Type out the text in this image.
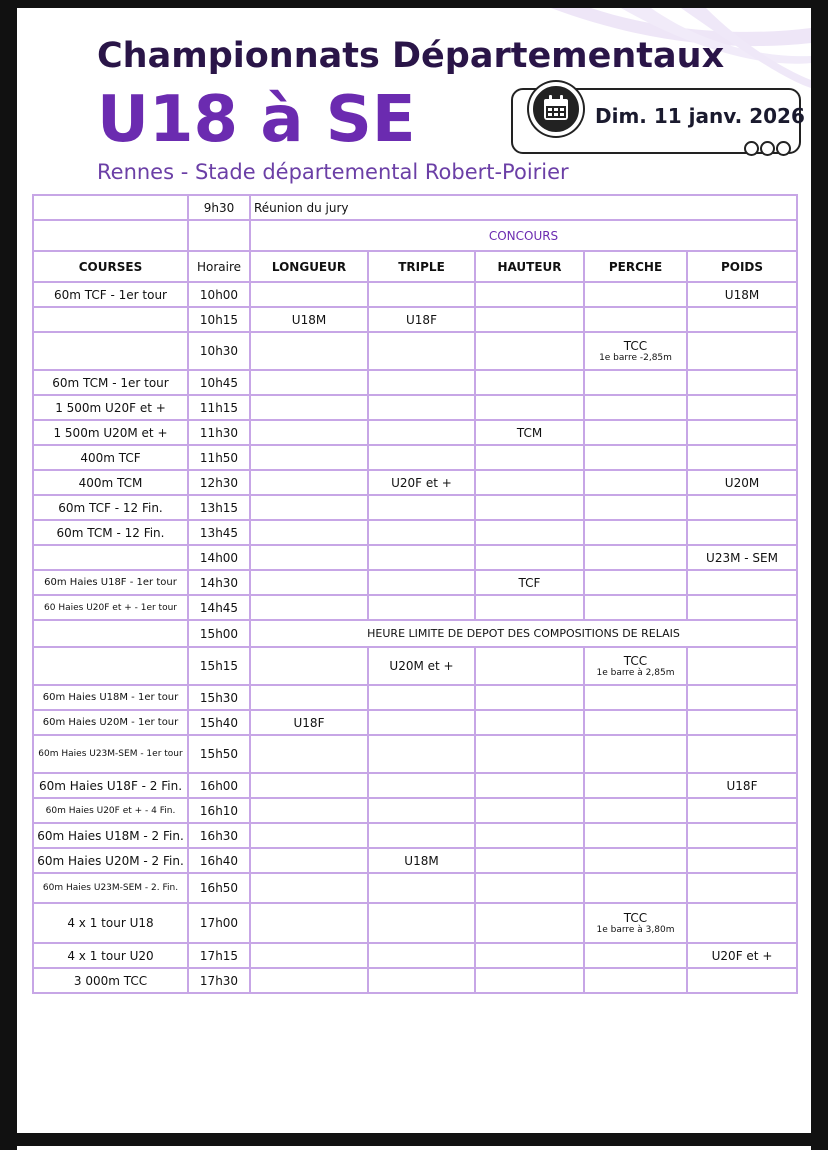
Championnats Départementaux
U18 à SE

Rennes - Stade départemental Robert-Poirier

Dim. 11 janv. 2026
	9h30	Réunion du jury				
		CONCOURS				
COURSES	Horaire	LONGUEUR	TRIPLE	HAUTEUR	PERCHE	POIDS
60m TCF - 1er tour	10h00					U18M
	10h15	U18M	U18F			
	10h30				TCC
1e barre -2,85m	

60m TCM - 1er tour	10h45					
1 500m U20F et +	11h15					
1 500m U20M et +	11h30			TCM		
400m TCF	11h50					
400m TCM	12h30		U20F et +			U20M
60m TCF - 12 Fin.	13h15					
60m TCM - 12 Fin.	13h45					
	14h00					U23M - SEM
60m Haies U18F - 1er tour	14h30			TCF		
60 Haies U20F et + - 1er tour	14h45					
	15h00	HEURE LIMITE DE DEPOT DES COMPOSITIONS DE RELAIS				
	15h15		U20M et +		TCC
1e barre à 2,85m	

60m Haies U18M - 1er tour	15h30					
60m Haies U20M - 1er tour	15h40	U18F				
60m Haies U23M-SEM - 1er tour	15h50					
60m Haies U18F - 2 Fin.	16h00					U18F
60m Haies U20F et + - 4 Fin.	16h10					
60m Haies U18M - 2 Fin.	16h30					
60m Haies U20M - 2 Fin.	16h40		U18M			
60m Haies U23M-SEM - 2. Fin.	16h50					
4 x 1 tour U18	17h00				TCC
1e barre à 3,80m	

4 x 1 tour U20	17h15					U20F et +
3 000m TCC	17h30					
